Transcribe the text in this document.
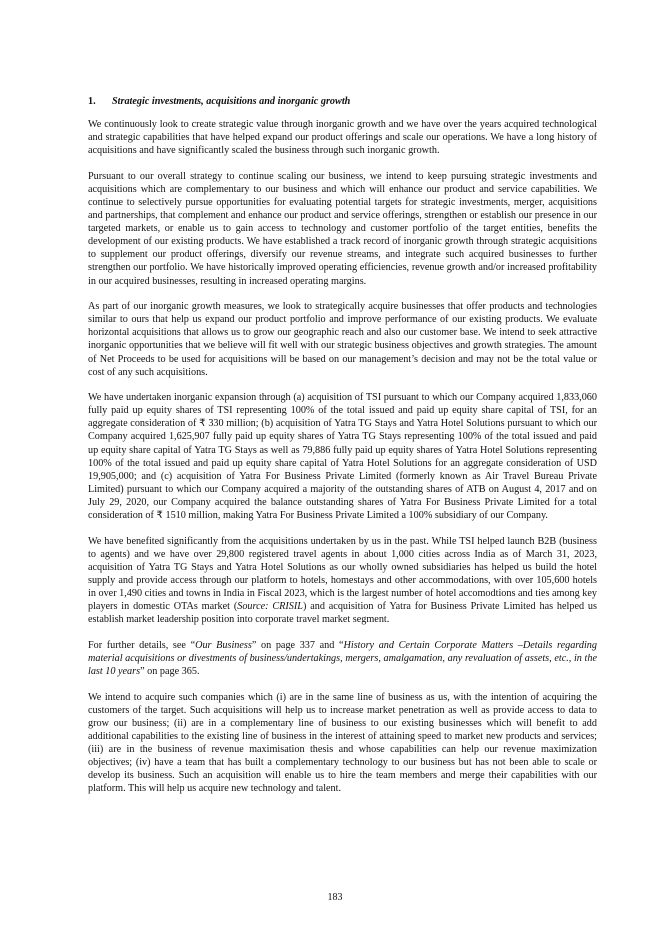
1. Strategic investments, acquisitions and inorganic growth

We continuously look to create strategic value through inorganic growth and we have over the years acquired technological and strategic capabilities that have helped expand our product offerings and scale our operations. We have a long history of acquisitions and have significantly scaled the business through such inorganic growth.

Pursuant to our overall strategy to continue scaling our business, we intend to keep pursuing strategic investments and acquisitions which are complementary to our business and which will enhance our product and service capabilities. We continue to selectively pursue opportunities for evaluating potential targets for strategic investments, merger, acquisitions and partnerships, that complement and enhance our product and service offerings, strengthen or establish our presence in our targeted markets, or enable us to gain access to technology and customer portfolio of the target entities, benefits the development of our existing products. We have established a track record of inorganic growth through strategic acquisitions to supplement our product offerings, diversify our revenue streams, and integrate such acquired businesses to further strengthen our portfolio. We have historically improved operating efficiencies, revenue growth and/or increased profitability in our acquired businesses, resulting in increased operating margins.

As part of our inorganic growth measures, we look to strategically acquire businesses that offer products and technologies similar to ours that help us expand our product portfolio and improve performance of our existing products. We evaluate horizontal acquisitions that allows us to grow our geographic reach and also our customer base. We intend to seek attractive inorganic opportunities that we believe will fit well with our strategic business objectives and growth strategies. The amount of Net Proceeds to be used for acquisitions will be based on our management’s decision and may not be the total value or cost of any such acquisitions.

We have undertaken inorganic expansion through (a) acquisition of TSI pursuant to which our Company acquired 1,833,060 fully paid up equity shares of TSI representing 100% of the total issued and paid up equity share capital of TSI, for an aggregate consideration of ₹ 330 million; (b) acquisition of Yatra TG Stays and Yatra Hotel Solutions pursuant to which our Company acquired 1,625,907 fully paid up equity shares of Yatra TG Stays representing 100% of the total issued and paid up equity share capital of Yatra TG Stays as well as 79,886 fully paid up equity shares of Yatra Hotel Solutions representing 100% of the total issued and paid up equity share capital of Yatra Hotel Solutions for an aggregate consideration of USD 19,905,000; and (c) acquisition of Yatra For Business Private Limited (formerly known as Air Travel Bureau Private Limited) pursuant to which our Company acquired a majority of the outstanding shares of ATB on August 4, 2017 and on July 29, 2020, our Company acquired the balance outstanding shares of Yatra For Business Private Limited for a total consideration of ₹ 1510 million, making Yatra For Business Private Limited a 100% subsidiary of our Company.

We have benefited significantly from the acquisitions undertaken by us in the past. While TSI helped launch B2B (business to agents) and we have over 29,800 registered travel agents in about 1,000 cities across India as of March 31, 2023, acquisition of Yatra TG Stays and Yatra Hotel Solutions as our wholly owned subsidiaries has helped us build the hotel supply and provide access through our platform to hotels, homestays and other accommodations, with over 105,600 hotels in over 1,490 cities and towns in India in Fiscal 2023, which is the largest number of hotel accomodtions and ties among key players in domestic OTAs market (Source: CRISIL) and acquisition of Yatra for Business Private Limited has helped us establish market leadership position into corporate travel market segment.

For further details, see “Our Business” on page 337 and “History and Certain Corporate Matters –Details regarding material acquisitions or divestments of business/undertakings, mergers, amalgamation, any revaluation of assets, etc., in the last 10 years” on page 365.

We intend to acquire such companies which (i) are in the same line of business as us, with the intention of acquiring the customers of the target. Such acquisitions will help us to increase market penetration as well as provide access to data to grow our business; (ii) are in a complementary line of business to our existing businesses which will benefit to add additional capabilities to the existing line of business in the interest of attaining speed to market new products and services; (iii) are in the business of revenue maximisation thesis and whose capabilities can help our revenue maximization objectives; (iv) have a team that has built a complementary technology to our business but has not been able to scale or develop its business. Such an acquisition will enable us to hire the team members and merge their capabilities with our platform. This will help us acquire new technology and talent.

183
